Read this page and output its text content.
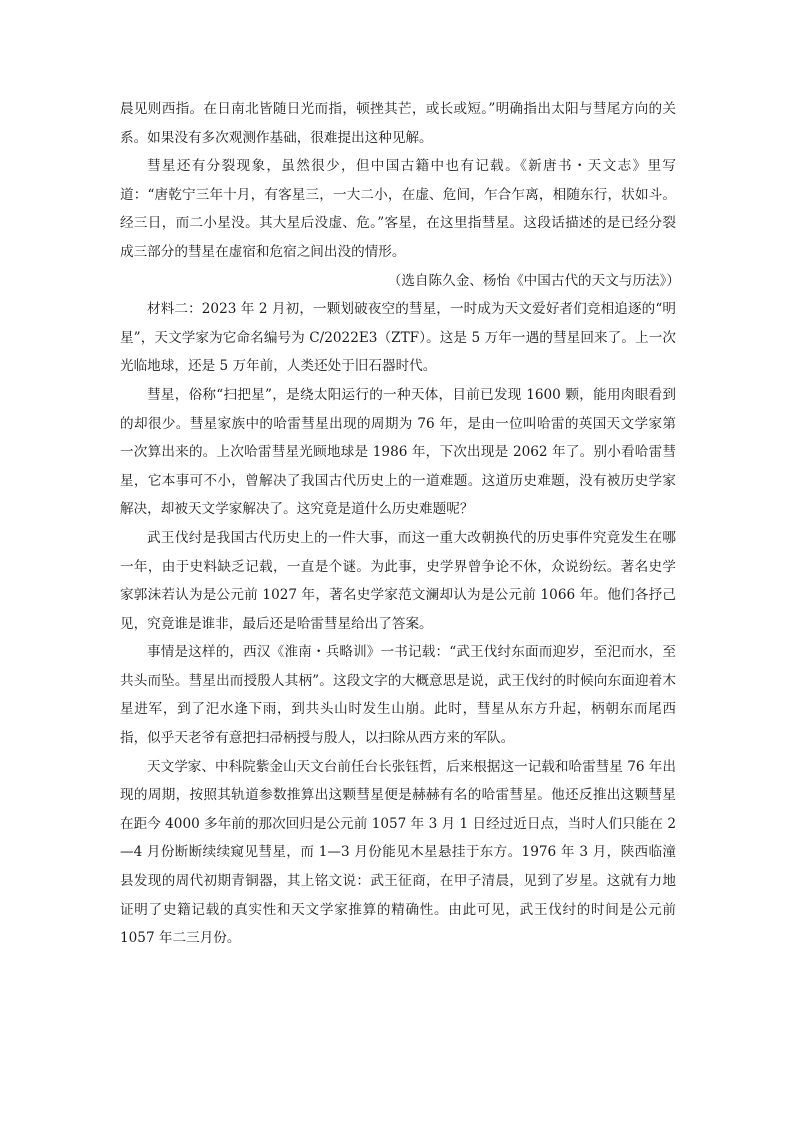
晨见则西指。在日南北皆随日光而指，顿挫其芒，或长或短。”明确指出太阳与彗尾方向的关系。如果没有多次观测作基础，很难提出这种见解。

彗星还有分裂现象，虽然很少，但中国古籍中也有记载。《新唐书・天文志》里写道：“唐乾宁三年十月，有客星三，一大二小，在虚、危间，乍合乍离，相随东行，状如斗。经三日，而二小星没。其大星后没虚、危。”客星，在这里指彗星。这段话描述的是已经分裂成三部分的彗星在虚宿和危宿之间出没的情形。

（选自陈久金、杨怡《中国古代的天文与历法》）

材料二：2023 年 2 月初，一颗划破夜空的彗星，一时成为天文爱好者们竞相追逐的“明星”，天文学家为它命名编号为 C/2022E3（ZTF）。这是 5 万年一遇的彗星回来了。上一次光临地球，还是 5 万年前，人类还处于旧石器时代。

彗星，俗称“扫把星”，是绕太阳运行的一种天体，目前已发现 1600 颗，能用肉眼看到的却很少。彗星家族中的哈雷彗星出现的周期为 76 年，是由一位叫哈雷的英国天文学家第一次算出来的。上次哈雷彗星光顾地球是 1986 年，下次出现是 2062 年了。别小看哈雷彗星，它本事可不小，曾解决了我国古代历史上的一道难题。这道历史难题，没有被历史学家解决，却被天文学家解决了。这究竟是道什么历史难题呢？

武王伐纣是我国古代历史上的一件大事，而这一重大改朝换代的历史事件究竟发生在哪一年，由于史料缺乏记载，一直是个谜。为此事，史学界曾争论不休，众说纷纭。著名史学家郭沫若认为是公元前 1027 年，著名史学家范文澜却认为是公元前 1066 年。他们各抒己见，究竟谁是谁非，最后还是哈雷彗星给出了答案。

事情是这样的，西汉《淮南・兵略训》一书记载：“武王伐纣东面而迎岁，至汜而水，至共头而坠。彗星出而授殷人其柄”。这段文字的大概意思是说，武王伐纣的时候向东面迎着木星进军，到了汜水逢下雨，到共头山时发生山崩。此时，彗星从东方升起，柄朝东而尾西指，似乎天老爷有意把扫帚柄授与殷人，以扫除从西方来的军队。

天文学家、中科院紫金山天文台前任台长张钰哲，后来根据这一记载和哈雷彗星 76 年出现的周期，按照其轨道参数推算出这颗彗星便是赫赫有名的哈雷彗星。他还反推出这颗彗星在距今 4000 多年前的那次回归是公元前 1057 年 3 月 1 日经过近日点，当时人们只能在 2—4 月份断断续续窥见彗星，而 1—3 月份能见木星悬挂于东方。1976 年 3 月，陕西临潼县发现的周代初期青铜器，其上铭文说：武王征商，在甲子清晨，见到了岁星。这就有力地证明了史籍记载的真实性和天文学家推算的精确性。由此可见，武王伐纣的时间是公元前 1057 年二三月份。
